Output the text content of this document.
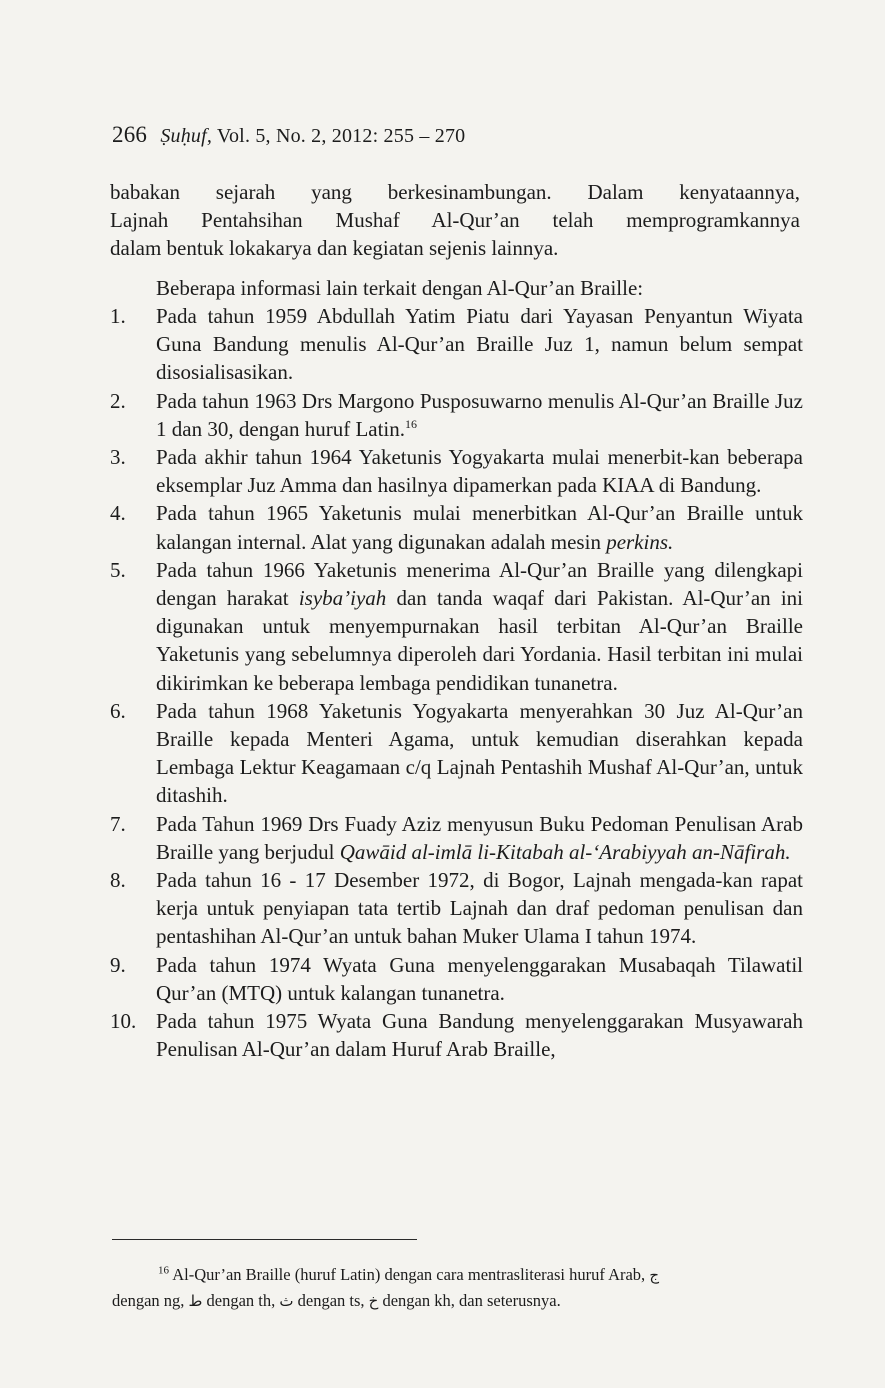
266 Ṣuḥuf, Vol. 5, No. 2, 2012: 255 – 270
babakan sejarah yang berkesinambungan. Dalam kenyataannya,
Lajnah Pentahsihan Mushaf Al-Qur’an telah memprogramkannya
dalam bentuk lokakarya dan kegiatan sejenis lainnya.
Beberapa informasi lain terkait dengan Al-Qur’an Braille:
1.	Pada tahun 1959 Abdullah Yatim Piatu dari Yayasan Penyantun Wiyata Guna Bandung menulis Al-Qur’an Braille Juz 1, namun belum sempat disosialisasikan.
2.	Pada tahun 1963 Drs Margono Pusposuwarno menulis Al-Qur’an Braille Juz 1 dan 30, dengan huruf Latin.$^{16}$
3.	Pada akhir tahun 1964 Yaketunis Yogyakarta mulai menerbit-kan beberapa eksemplar Juz Amma dan hasilnya dipamerkan pada KIAA di Bandung.
4.	Pada tahun 1965 Yaketunis mulai menerbitkan Al-Qur’an Braille untuk kalangan internal. Alat yang digunakan adalah mesin perkins.
5.	Pada tahun 1966 Yaketunis menerima Al-Qur’an Braille yang dilengkapi dengan harakat isyba’iyah dan tanda waqaf dari Pakistan. Al-Qur’an ini digunakan untuk menyempurnakan hasil terbitan Al-Qur’an Braille Yaketunis yang sebelumnya diperoleh dari Yordania. Hasil terbitan ini mulai dikirimkan ke beberapa lembaga pendidikan tunanetra.
6.	Pada tahun 1968 Yaketunis Yogyakarta menyerahkan 30 Juz Al-Qur’an Braille kepada Menteri Agama, untuk kemudian diserahkan kepada Lembaga Lektur Keagamaan c/q Lajnah Pentashih Mushaf Al-Qur’an, untuk ditashih.
7.	Pada Tahun 1969 Drs Fuady Aziz menyusun Buku Pedoman Penulisan Arab Braille yang berjudul Qawāid al-imlā li-Kitabah al-‘Arabiyyah an-Nāfirah.
8.	Pada tahun 16 - 17 Desember 1972, di Bogor, Lajnah mengada-kan rapat kerja untuk penyiapan tata tertib Lajnah dan draf pedoman penulisan dan pentashihan Al-Qur’an untuk bahan Muker Ulama I tahun 1974.
9.	Pada tahun 1974 Wyata Guna menyelenggarakan Musabaqah Tilawatil Qur’an (MTQ) untuk kalangan tunanetra.
10. Pada tahun 1975 Wyata Guna Bandung menyelenggarakan Musyawarah Penulisan Al-Qur’an dalam Huruf Arab Braille,
$^{16}$ Al-Qur’an Braille (huruf Latin) dengan cara mentrasliterasi huruf Arab, ج
dengan ng, ط dengan th, ث dengan ts, خ dengan kh, dan seterusnya.
